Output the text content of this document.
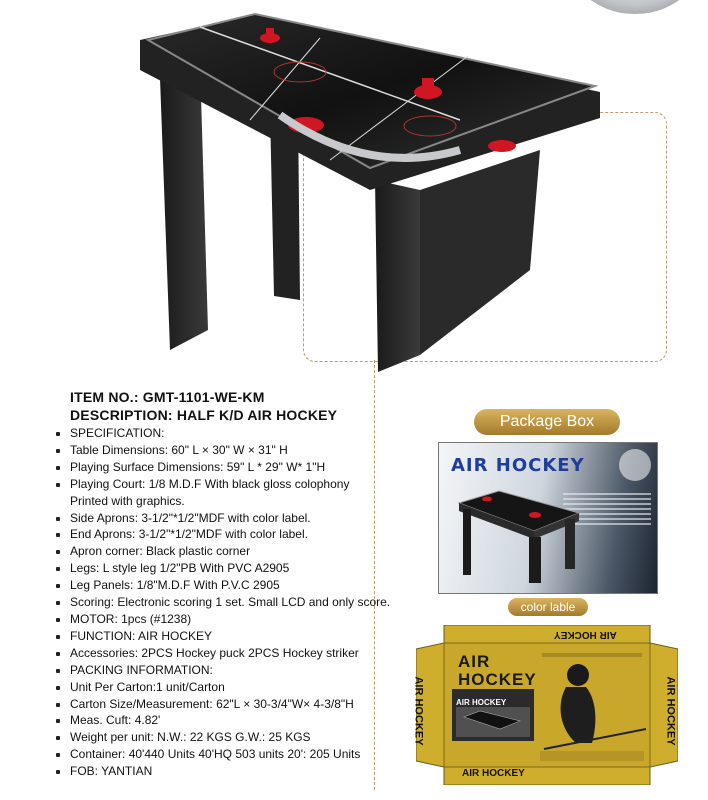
ITEM NO.: GMT-1101-WE-KM
DESCRIPTION: HALF K/D AIR HOCKEY
SPECIFICATION:
Table Dimensions: 60" L × 30" W × 31" H
Playing Surface Dimensions: 59" L * 29" W* 1"H
Playing Court: 1/8 M.D.F With black gloss colophony
Printed with graphics.
Side Aprons: 3-1/2"*1/2"MDF with color label.
End Aprons: 3-1/2"*1/2"MDF with color label.
Apron corner: Black plastic corner
Legs: L style leg 1/2"PB With PVC A2905
Leg Panels: 1/8"M.D.F With P.V.C 2905
Scoring: Electronic scoring 1 set. Small LCD and only score.
MOTOR: 1pcs (#1238)
FUNCTION: AIR HOCKEY
Accessories: 2PCS Hockey puck 2PCS Hockey striker
PACKING INFORMATION:
Unit Per Carton:1 unit/Carton
Carton Size/Measurement: 62"L × 30-3/4"W× 4-3/8"H
Meas. Cuft: 4.82'
Weight per unit: N.W.: 22 KGS G.W.: 25 KGS
Container: 40'440 Units 40'HQ 503 units 20': 205 Units
FOB: YANTIAN
Package Box
AIR HOCKEY
color lable
AIR
HOCKEY
AIR HOCKEY
AIR HOCKEY
AIR HOCKEY	AIR HOCKEY
AIR HOCKEY
